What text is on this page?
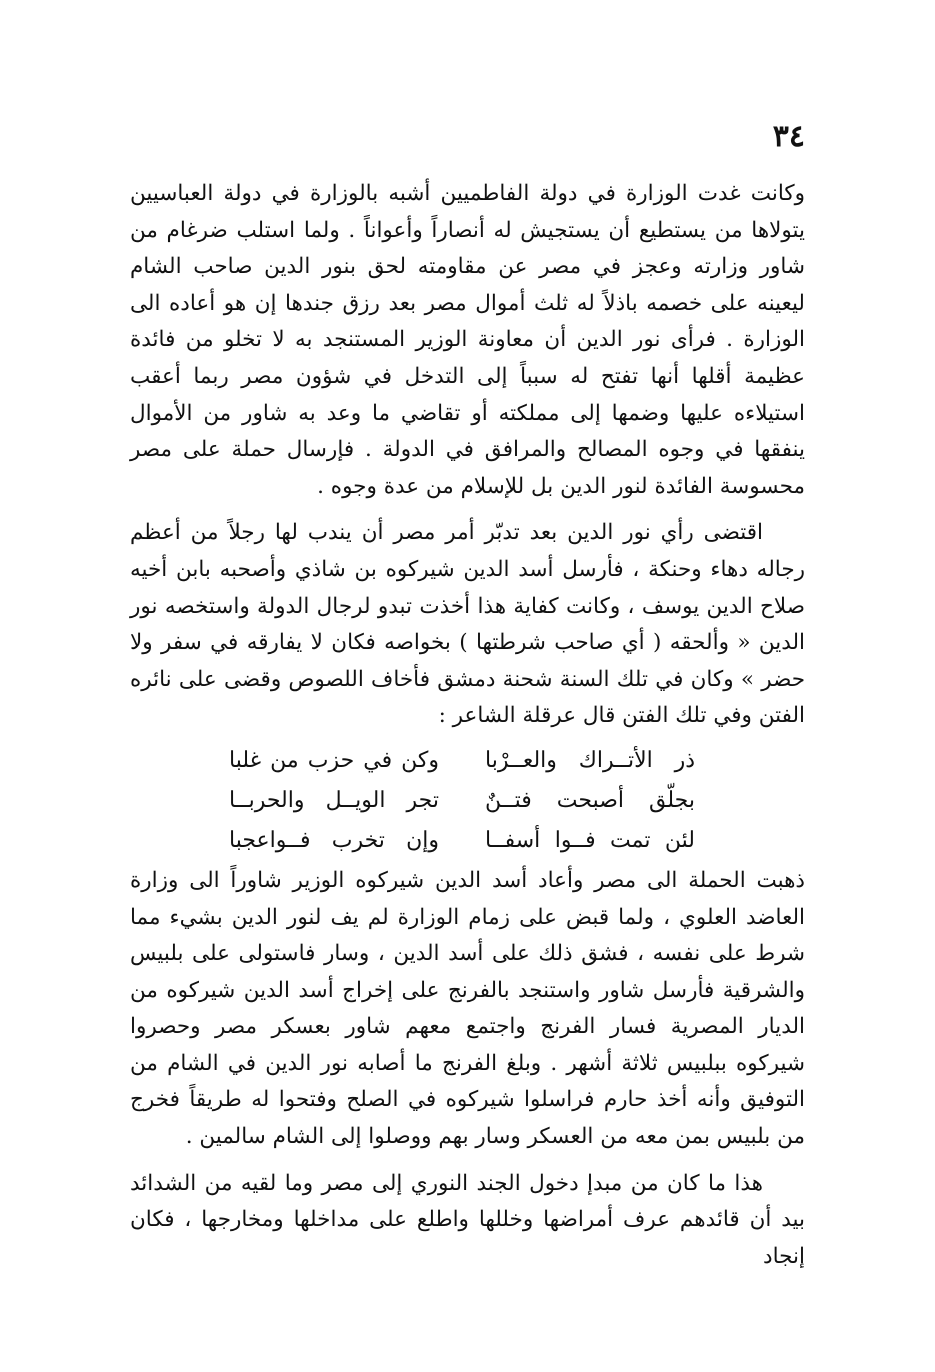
٣٤

وكانت غدت الوزارة في دولة الفاطميين أشبه بالوزارة في دولة العباسيين يتولاها من يستطيع أن يستجيش له أنصاراً وأعواناً . ولما استلب ضرغام من شاور وزارته وعجز في مصر عن مقاومته لحق بنور الدين صاحب الشام ليعينه على خصمه باذلاً له ثلث أموال مصر بعد رزق جندها إن هو أعاده الى الوزارة . فرأى نور الدين أن معاونة الوزير المستنجد به لا تخلو من فائدة عظيمة أقلها أنها تفتح له سبباً إلى التدخل في شؤون مصر ربما أعقب استيلاءه عليها وضمها إلى مملكته أو تقاضي ما وعد به شاور من الأموال ينفقها في وجوه المصالح والمرافق في الدولة . فإرسال حملة على مصر محسوسة الفائدة لنور الدين بل للإسلام من عدة وجوه .

اقتضى رأي نور الدين بعد تدبّر أمر مصر أن يندب لها رجلاً من أعظم رجاله دهاء وحنكة ، فأرسل أسد الدين شيركوه بن شاذي وأصحبه بابن أخيه صلاح الدين يوسف ، وكانت كفاية هذا أخذت تبدو لرجال الدولة واستخصه نور الدين « وألحقه ( أي صاحب شرطتها ) بخواصه فكان لا يفارقه في سفر ولا حضر » وكان في تلك السنة شحنة دمشق فأخاف اللصوص وقضى على نائره الفتن وفي تلك الفتن قال عرقلة الشاعر :

ذر الأتــراك والعــرْبا
وكن في حزب من غلبا
بجلّق أصبحت فتــنٌ
تجر الويــل والحربــا
لئن تمت فــوا أسفــا
وإن تخرب فــواعجبا

ذهبت الحملة الى مصر وأعاد أسد الدين شيركوه الوزير شاوراً الى وزارة العاضد العلوي ، ولما قبض على زمام الوزارة لم يف لنور الدين بشيء مما شرط على نفسه ، فشق ذلك على أسد الدين ، وسار فاستولى على بلبيس والشرقية فأرسل شاور واستنجد بالفرنج على إخراج أسد الدين شيركوه من الديار المصرية فسار الفرنج واجتمع معهم شاور بعسكر مصر وحصروا شيركوه ببلبيس ثلاثة أشهر . وبلغ الفرنج ما أصابه نور الدين في الشام من التوفيق وأنه أخذ حارم فراسلوا شيركوه في الصلح وفتحوا له طريقاً فخرج من بلبيس بمن معه من العسكر وسار بهم ووصلوا إلى الشام سالمين .

هذا ما كان من مبدإ دخول الجند النوري إلى مصر وما لقيه من الشدائد بيد أن قائدهم عرف أمراضها وخللها واطلع على مداخلها ومخارجها ، فكان إنجاد
